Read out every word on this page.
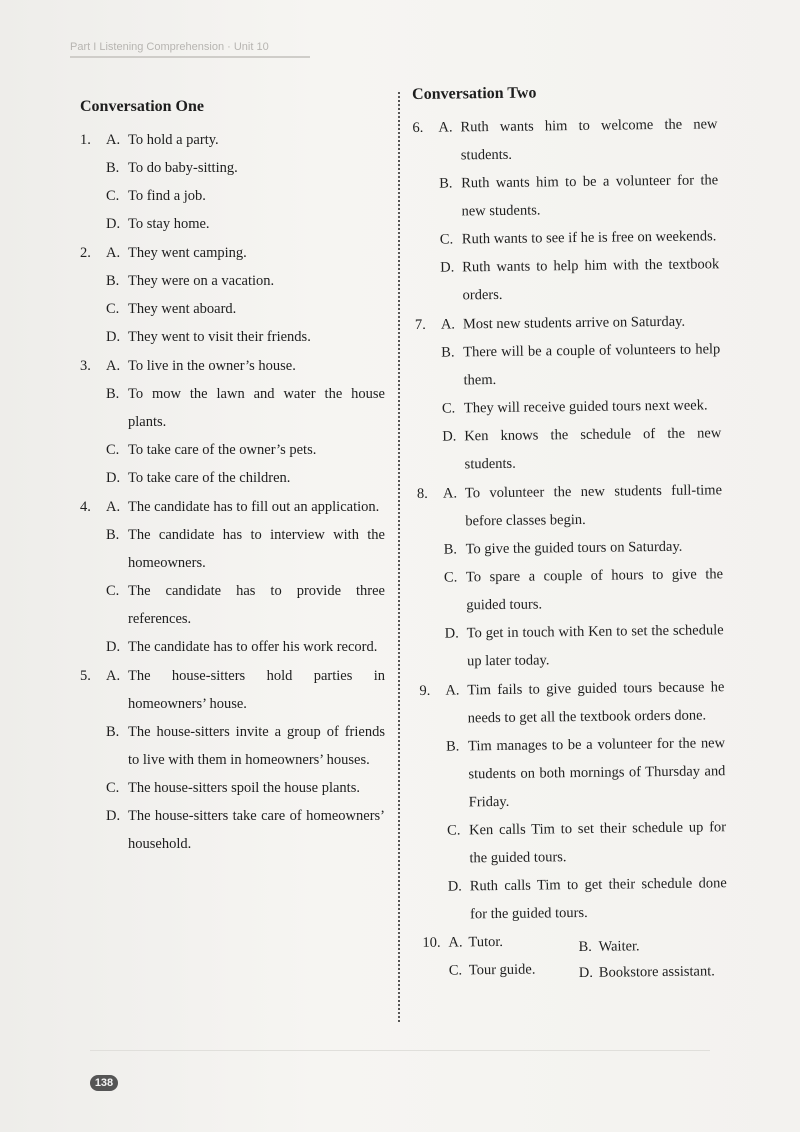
Part I Listening Comprehension · Unit 10
Conversation One
1.	A. To hold a party.
B. To do baby-sitting.
C. To find a job.
D. To stay home.
2.	A. They went camping.
B. They were on a vacation.
C. They went aboard.
D. They went to visit their friends.
3.	A. To live in the owner’s house.
B. To mow the lawn and water the house plants.
C. To take care of the owner’s pets.
D. To take care of the children.
4.	A. The candidate has to fill out an application.
B. The candidate has to interview with the homeowners.
C. The candidate has to provide three references.
D. The candidate has to offer his work record.
5.	A. The house-sitters hold parties in homeowners’ house.
B. The house-sitters invite a group of friends to live with them in homeowners’ houses.
C. The house-sitters spoil the house plants.
D. The house-sitters take care of homeowners’ household.
Conversation Two
6.	A. Ruth wants him to welcome the new students.
B. Ruth wants him to be a volunteer for the new students.
C. Ruth wants to see if he is free on weekends.
D. Ruth wants to help him with the textbook orders.
7.	A. Most new students arrive on Saturday.
B. There will be a couple of volunteers to help them.
C. They will receive guided tours next week.
D. Ken knows the schedule of the new students.
8.	A. To volunteer the new students full-time before classes begin.
B. To give the guided tours on Saturday.
C. To spare a couple of hours to give the guided tours.
D. To get in touch with Ken to set the schedule up later today.
9.	A. Tim fails to give guided tours because he needs to get all the textbook orders done.
B. Tim manages to be a volunteer for the new students on both mornings of Thursday and Friday.
C. Ken calls Tim to set their schedule up for the guided tours.
D. Ruth calls Tim to get their schedule done for the guided tours.
10. A. Tutor.	B. Waiter.
C. Tour guide.	D. Bookstore assistant.
138
